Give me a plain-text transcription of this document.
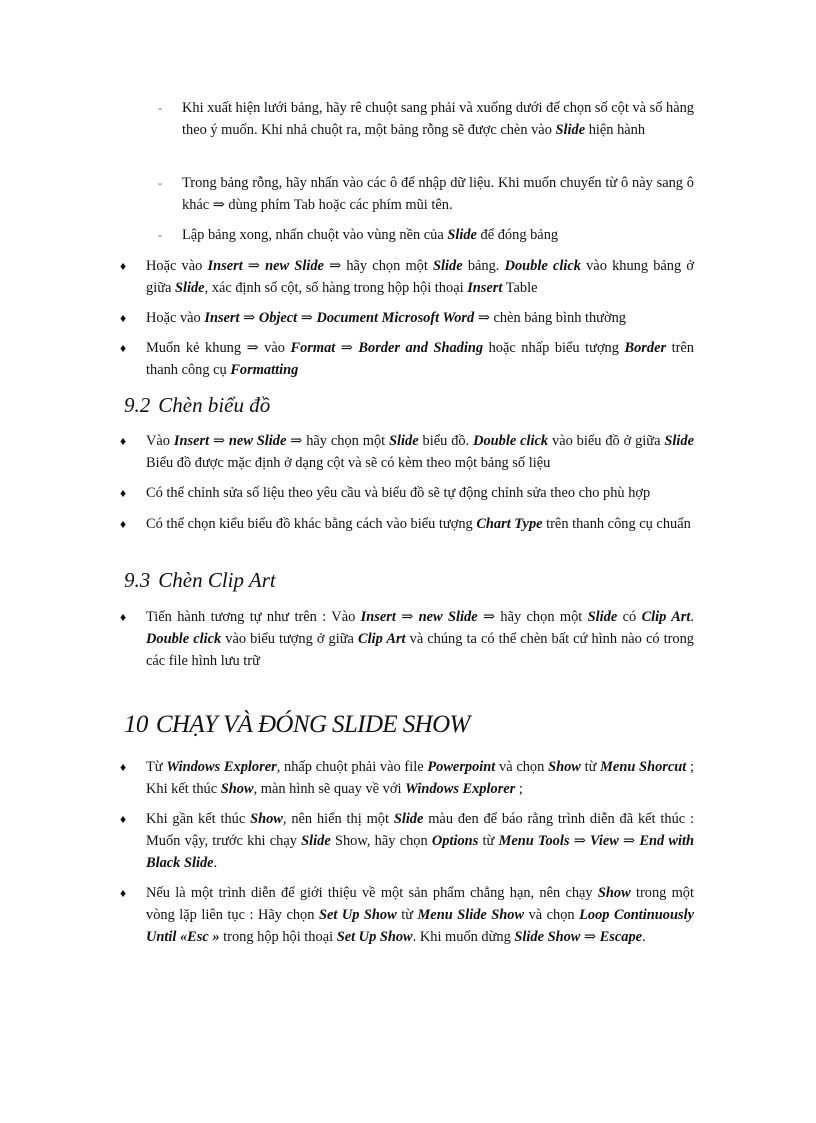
- Khi xuất hiện lưới bảng, hãy rê chuột sang phải và xuống dưới để chọn số cột và số hàng theo ý muốn. Khi nhả chuột ra, một bảng rỗng sẽ được chèn vào Slide hiện hành
- Trong bảng rỗng, hãy nhấn vào các ô để nhập dữ liệu. Khi muốn chuyển từ ô này sang ô khác ⇒ dùng phím Tab hoặc các phím mũi tên.
- Lập bảng xong, nhấn chuột vào vùng nền của Slide để đóng bảng
♦ Hoặc vào Insert ⇒ new Slide ⇒ hãy chọn một Slide bảng. Double click vào khung bảng ở giữa Slide, xác định số cột, số hàng trong hộp hội thoại Insert Table
♦ Hoặc vào Insert ⇒ Object ⇒ Document Microsoft Word ⇒ chèn bảng bình thường
♦ Muốn kẻ khung ⇒ vào Format ⇒ Border and Shading hoặc nhấp biểu tượng Border trên thanh công cụ Formatting
9.2 Chèn biểu đồ
♦ Vào Insert ⇒ new Slide ⇒ hãy chọn một Slide biểu đồ. Double click vào biểu đồ ở giữa Slide Biểu đồ được mặc định ở dạng cột và sẽ có kèm theo một bảng số liệu
♦ Có thể chỉnh sửa số liệu theo yêu cầu và biểu đồ sẽ tự động chỉnh sửa theo cho phù hợp
♦ Có thể chọn kiểu biểu đồ khác bằng cách vào biểu tượng Chart Type trên thanh công cụ chuẩn
9.3 Chèn Clip Art
♦ Tiến hành tương tự như trên : Vào Insert ⇒ new Slide ⇒ hãy chọn một Slide có Clip Art. Double click vào biểu tượng ở giữa Clip Art và chúng ta có thể chèn bất cứ hình nào có trong các file hình lưu trữ
10 CHẠY VÀ ĐÓNG SLIDE SHOW
♦ Từ Windows Explorer, nhấp chuột phải vào file Powerpoint và chọn Show từ Menu Shorcut ; Khi kết thúc Show, màn hình sẽ quay về với Windows Explorer ;
♦ Khi gần kết thúc Show, nên hiển thị một Slide màu đen để báo rằng trình diễn đã kết thúc : Muốn vậy, trước khi chạy Slide Show, hãy chọn Options từ Menu Tools ⇒ View ⇒ End with Black Slide.
♦ Nếu là một trình diễn để giới thiệu về một sản phẩm chẳng hạn, nên chạy Show trong một vòng lặp liên tục : Hãy chọn Set Up Show từ Menu Slide Show và chọn Loop Continuously Until «Esc » trong hộp hội thoại Set Up Show. Khi muốn dừng Slide Show ⇒ Escape.
